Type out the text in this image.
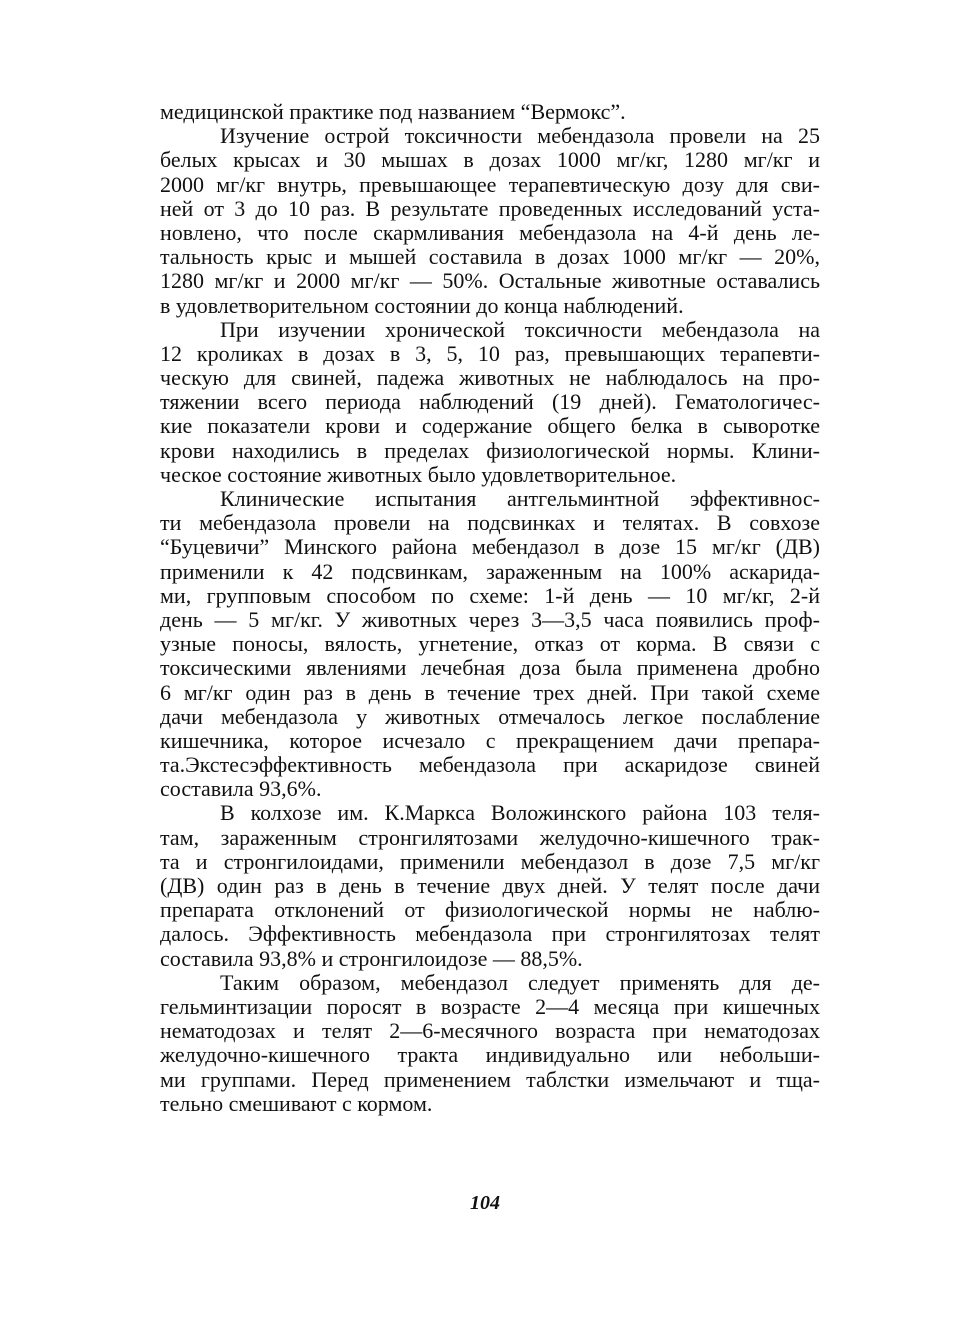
медицинской практике под названием “Вермокс”.
Изучение острой токсичности мебендазола провели на 25
белых крысах и 30 мышах в дозах 1000 мг/кг, 1280 мг/кг и
2000 мг/кг внутрь, превышающее терапевтическую дозу для сви-
ней от 3 до 10 раз. В результате проведенных исследований уста-
новлено, что после скармливания мебендазола на 4-й день ле-
тальность крыс и мышей составила в дозах 1000 мг/кг — 20%,
1280 мг/кг и 2000 мг/кг — 50%. Остальные животные оставались
в удовлетворительном состоянии до конца наблюдений.
При изучении хронической токсичности мебендазола на
12 кроликах в дозах в 3, 5, 10 раз, превышающих терапевти-
ческую для свиней, падежа животных не наблюдалось на про-
тяжении всего периода наблюдений (19 дней). Гематологичес-
кие показатели крови и содержание общего белка в сыворотке
крови находились в пределах физиологической нормы. Клини-
ческое состояние животных было удовлетворительное.
Клинические испытания антгельминтной эффективнос-
ти мебендазола провели на подсвинках и телятах. В совхозе
“Буцевичи” Минского района мебендазол в дозе 15 мг/кг (ДВ)
применили к 42 подсвинкам, зараженным на 100% аскарида-
ми, групповым способом по схеме: 1-й день — 10 мг/кг, 2-й
день — 5 мг/кг. У животных через 3—3,5 часа появились проф-
узные поносы, вялость, угнетение, отказ от корма. В связи с
токсическими явлениями лечебная доза была применена дробно
6 мг/кг один раз в день в течение трех дней. При такой схеме
дачи мебендазола у животных отмечалось легкое послабление
кишечника, которое исчезало с прекращением дачи препара-
та.Экстесэффективность мебендазола при аскаридозе свиней
составила 93,6%.
В колхозе им. К.Маркса Воложинского района 103 теля-
там, зараженным стронгилятозами желудочно-кишечного трак-
та и стронгилоидами, применили мебендазол в дозе 7,5 мг/кг
(ДВ) один раз в день в течение двух дней. У телят после дачи
препарата отклонений от физиологической нормы не наблю-
далось. Эффективность мебендазола при стронгилятозах телят
составила 93,8% и стронгилоидозе — 88,5%.
Таким образом, мебендазол следует применять для де-
гельминтизации поросят в возрасте 2—4 месяца при кишечных
нематодозах и телят 2—6-месячного возраста при нематодозах
желудочно-кишечного тракта индивидуально или небольши-
ми группами. Перед применением таблстки измельчают и тща-
тельно смешивают с кормом.
104
